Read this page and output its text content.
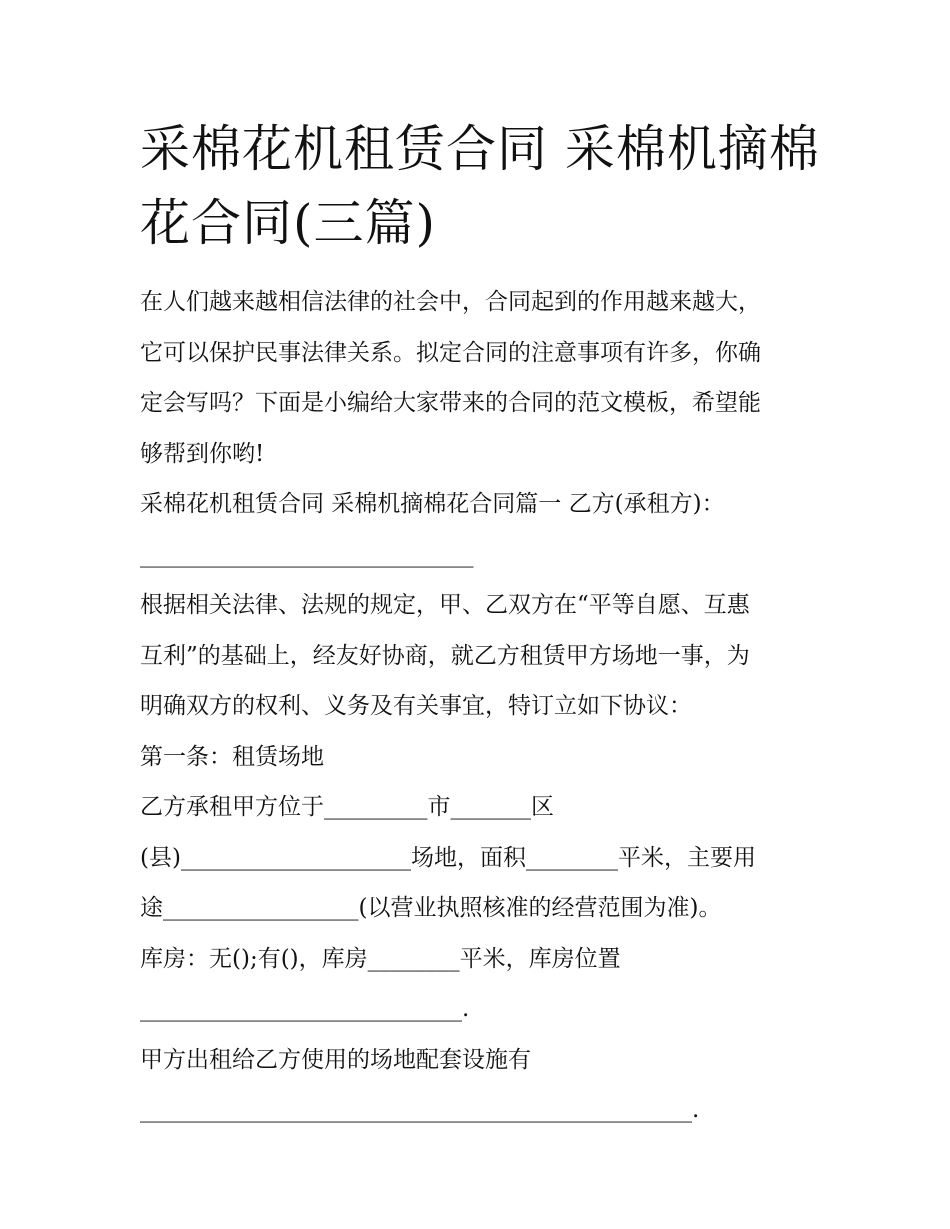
采棉花机租赁合同 采棉机摘棉
花合同(三篇)
在人们越来越相信法律的社会中，合同起到的作用越来越大，
它可以保护民事法律关系。拟定合同的注意事项有许多，你确
定会写吗？下面是小编给大家带来的合同的范文模板，希望能
够帮到你哟!
采棉花机租赁合同 采棉机摘棉花合同篇一 乙方(承租方)：
_____________________________
根据相关法律、法规的规定，甲、乙双方在“平等自愿、互惠
互利”的基础上，经友好协商，就乙方租赁甲方场地一事，为
明确双方的权利、义务及有关事宜，特订立如下协议：
第一条：租赁场地
乙方承租甲方位于_________市_______区
(县)____________________场地，面积________平米，主要用
途_________________(以营业执照核准的经营范围为准)。
库房：无();有()，库房________平米，库房位置
____________________________.
甲方出租给乙方使用的场地配套设施有
________________________________________________.
